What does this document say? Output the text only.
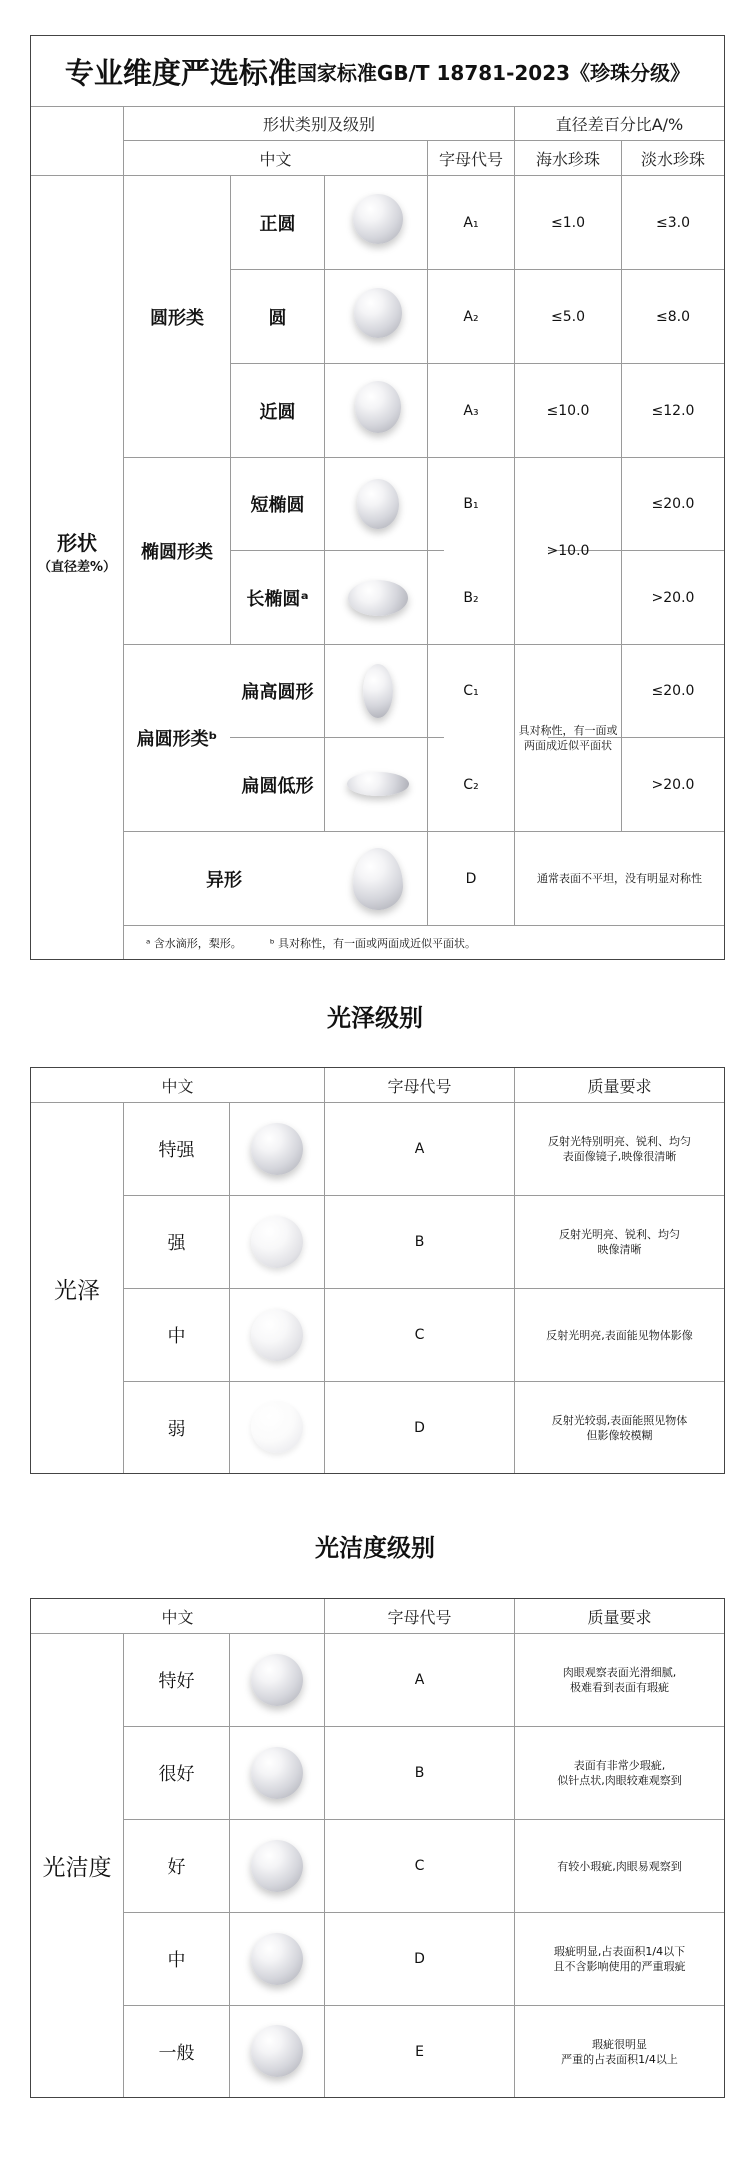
专业维度严选标准 国家标准GB/T 18781-2023《珍珠分级》
形状类别及级别	直径差百分比A/%
中文	字母代号	海水珍珠	淡水珍珠
形状
（直径差%）
圆形类
椭圆形类
扁圆形类ᵇ
正圆	A₁	≤1.0	≤3.0
圆	A₂	≤5.0	≤8.0
近圆	A₃	≤10.0	≤12.0
短椭圆	B₁	≤20.0
长椭圆ᵃ	B₂	>20.0
>10.0
扁高圆形	C₁	≤20.0
扁圆低形	C₂	>20.0
具对称性，有一面或
两面成近似平面状
异形	D	通常表面不平坦，没有明显对称性
ᵃ 含水滴形，梨形。	ᵇ 具对称性，有一面或两面成近似平面状。
光泽级别
中文	字母代号	质量要求
光泽
特强	A	反射光特别明亮、锐利、均匀
表面像镜子,映像很清晰
强	B	反射光明亮、锐利、均匀
映像清晰
中	C	反射光明亮,表面能见物体影像
弱	D	反射光较弱,表面能照见物体
但影像较模糊
光洁度级别
中文	字母代号	质量要求
光洁度
特好	A	肉眼观察表面光滑细腻,
极难看到表面有瑕疵
很好	B	表面有非常少瑕疵,
似针点状,肉眼较难观察到
好	C	有较小瑕疵,肉眼易观察到
中	D	瑕疵明显,占表面积1/4以下
且不含影响使用的严重瑕疵
一般	E	瑕疵很明显
严重的占表面积1/4以上
